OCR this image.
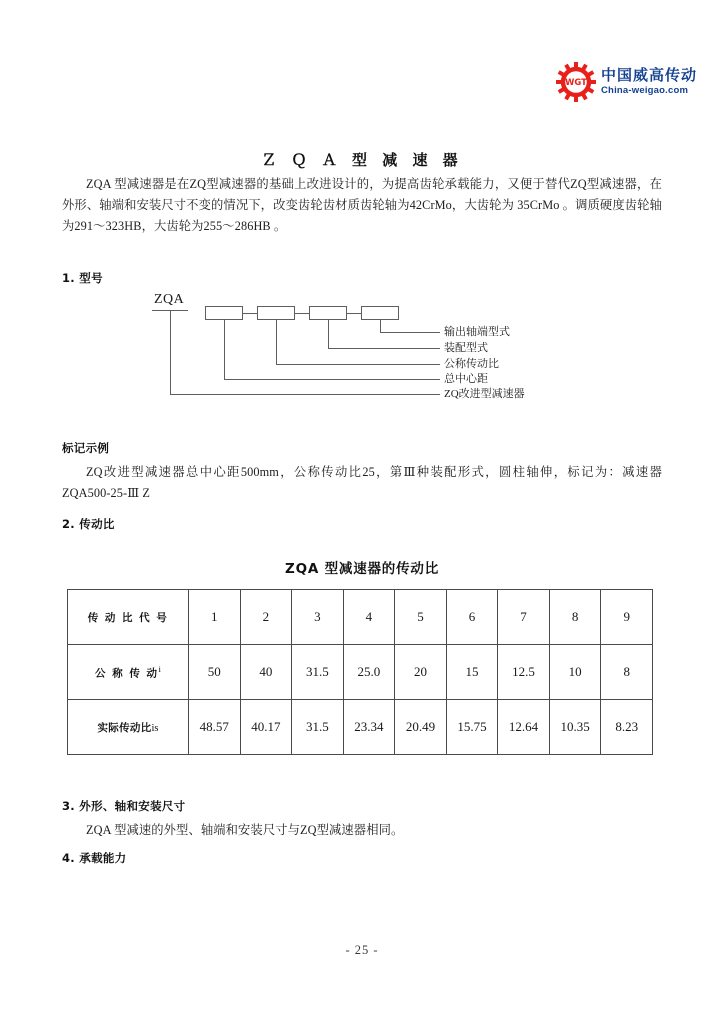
WGT 中国威高传动
China-weigao.com
Ｚ Ｑ Ａ 型 减 速 器
ZQA 型减速器是在ZQ型减速器的基础上改进设计的，为提高齿轮承载能力，又便于替代ZQ型减速器，在外形、轴端和安装尺寸不变的情况下，改变齿轮齿材质齿轮轴为42CrMo，大齿轮为 35CrMo 。调质硬度齿轮轴为291～323HB，大齿轮为255～286HB 。
1. 型号
ZQA
输出轴端型式
装配型式
公称传动比
总中心距
ZQ改进型减速器
标记示例
ZQ改进型减速器总中心距500mm，公称传动比25，第Ⅲ种装配形式，圆柱轴伸，标记为：减速器 ZQA500-25-Ⅲ Z
2. 传动比
ZQA 型减速器的传动比
传 动 比 代 号	1	2	3	4	5	6	7	8	9
公 称 传 动$^i$	50	40	31.5	25.0	20	15	12.5	10	8
实际传动比is	48.57	40.17	31.5	23.34	20.49	15.75	12.64	10.35	8.23
3. 外形、轴和安装尺寸
ZQA 型减速的外型、轴端和安装尺寸与ZQ型减速器相同。
4. 承载能力
- 25 -
